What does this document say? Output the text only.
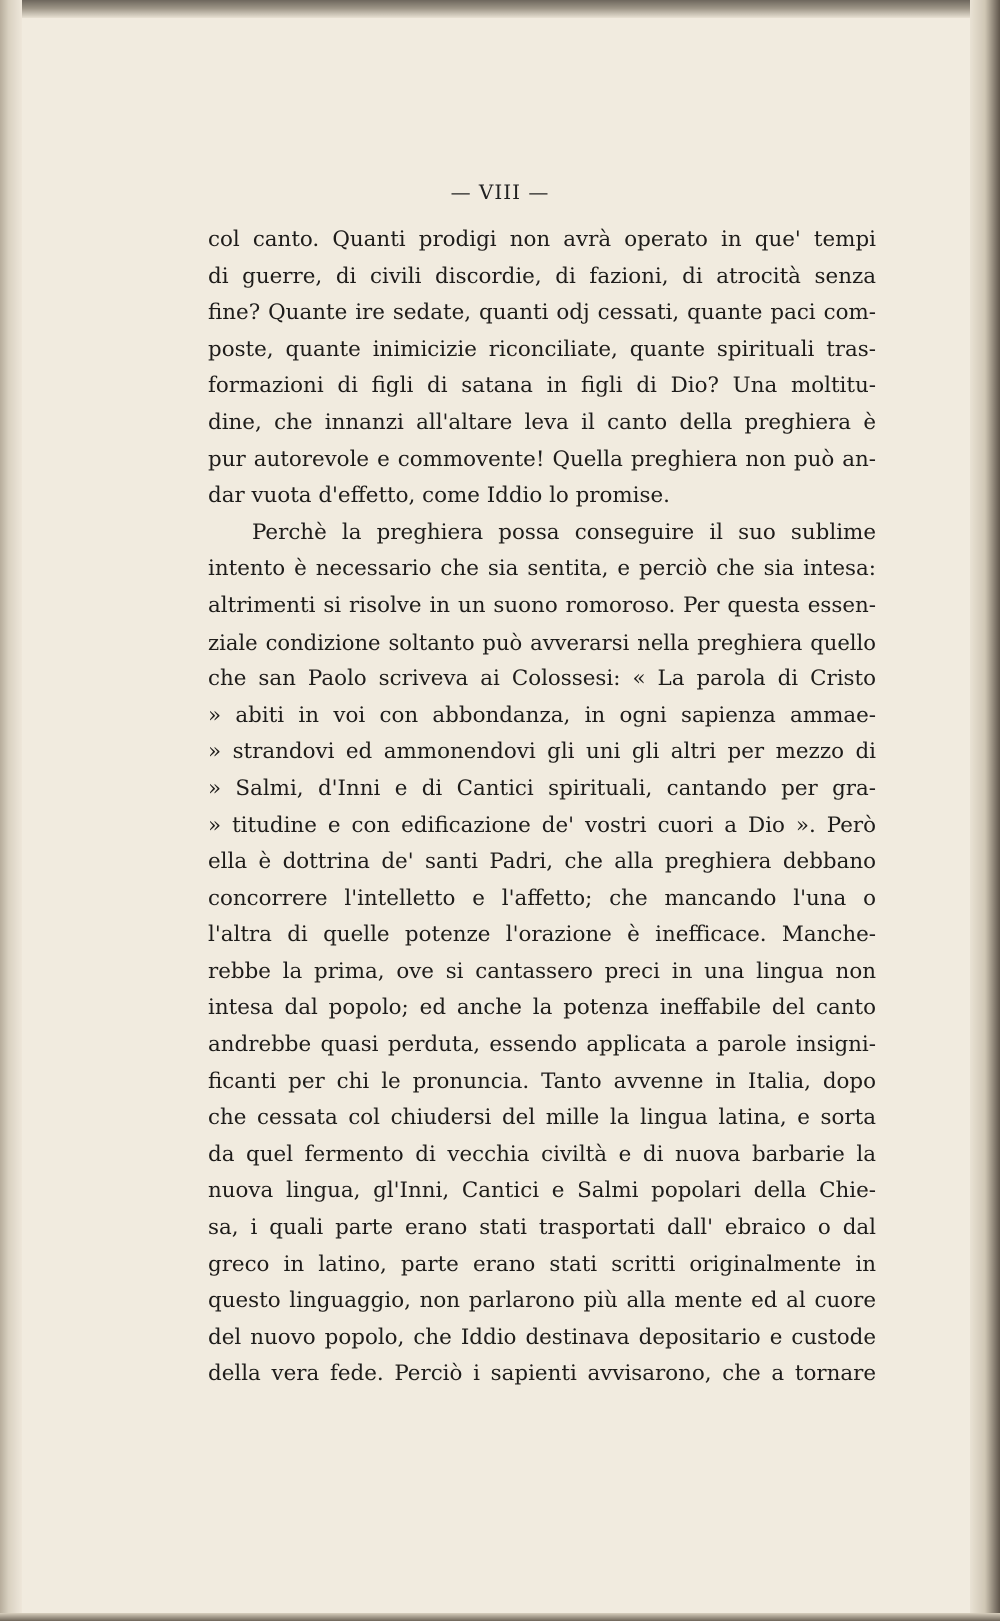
— VIII —
col canto. Quanti prodigi non avrà operato in que' tempi
di guerre, di civili discordie, di fazioni, di atrocità senza
fine? Quante ire sedate, quanti odj cessati, quante paci com-
poste, quante inimicizie riconciliate, quante spirituali tras-
formazioni di figli di satana in figli di Dio? Una moltitu-
dine, che innanzi all'altare leva il canto della preghiera è
pur autorevole e commovente! Quella preghiera non può an-
dar vuota d'effetto, come Iddio lo promise.
Perchè la preghiera possa conseguire il suo sublime
intento è necessario che sia sentita, e perciò che sia intesa:
altrimenti si risolve in un suono romoroso. Per questa essen-
ziale condizione soltanto può avverarsi nella preghiera quello
che san Paolo scriveva ai Colossesi: « La parola di Cristo
» abiti in voi con abbondanza, in ogni sapienza ammae-
» strandovi ed ammonendovi gli uni gli altri per mezzo di
» Salmi, d'Inni e di Cantici spirituali, cantando per gra-
» titudine e con edificazione de' vostri cuori a Dio ». Però
ella è dottrina de' santi Padri, che alla preghiera debbano
concorrere l'intelletto e l'affetto; che mancando l'una o
l'altra di quelle potenze l'orazione è inefficace. Manche-
rebbe la prima, ove si cantassero preci in una lingua non
intesa dal popolo; ed anche la potenza ineffabile del canto
andrebbe quasi perduta, essendo applicata a parole insigni-
ficanti per chi le pronuncia. Tanto avvenne in Italia, dopo
che cessata col chiudersi del mille la lingua latina, e sorta
da quel fermento di vecchia civiltà e di nuova barbarie la
nuova lingua, gl'Inni, Cantici e Salmi popolari della Chie-
sa, i quali parte erano stati trasportati dall' ebraico o dal
greco in latino, parte erano stati scritti originalmente in
questo linguaggio, non parlarono più alla mente ed al cuore
del nuovo popolo, che Iddio destinava depositario e custode
della vera fede. Perciò i sapienti avvisarono, che a tornare
